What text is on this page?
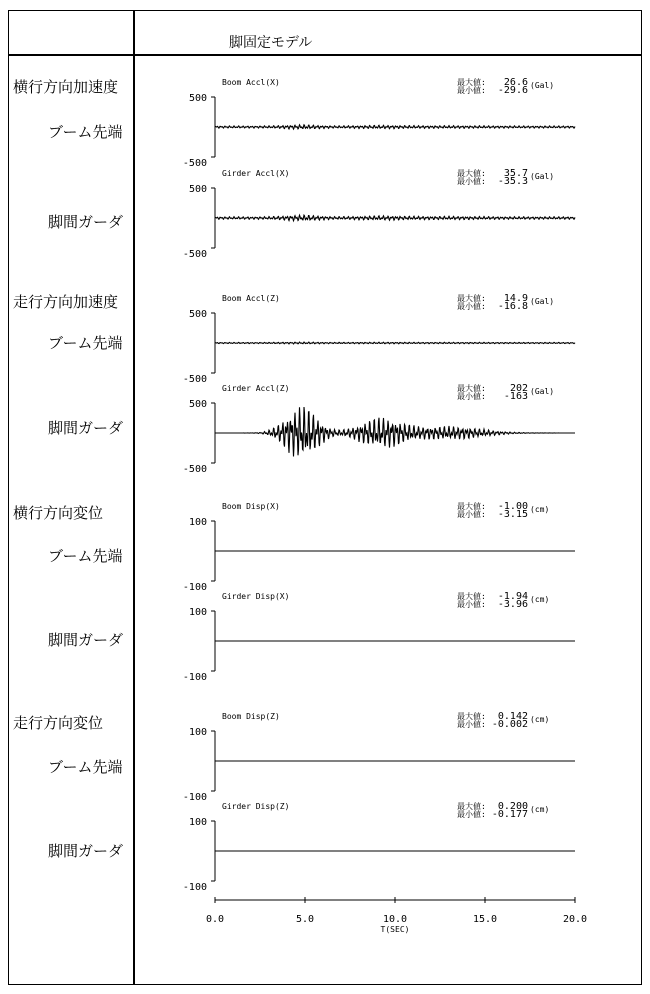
脚固定モデル
横行方向加速度
ブーム先端
脚間ガーダ
走行方向加速度
ブーム先端
脚間ガーダ
横行方向変位
ブーム先端
脚間ガーダ
走行方向変位
ブーム先端
脚間ガーダ
500
-500
Boom Accl(X)	最大値:
最小値:
26.6
-29.6 (Gal)
500
-500
Girder Accl(X)	最大値:
最小値:
35.7
-35.3 (Gal)
500
-500
Boom Accl(Z)	最大値:
最小値:
14.9
-16.8 (Gal)
500
-500
Girder Accl(Z)	最大値:
最小値:
202
-163 (Gal)
100
-100
Boom Disp(X)	最大値:
最小値:
-1.00
-3.15 (cm)
100
-100
Girder Disp(X)	最大値:
最小値:
-1.94
-3.96 (cm)
100
-100
Boom Disp(Z)	最大値:
最小値:
0.142
-0.002 (cm)
100
-100
Girder Disp(Z)	最大値:
最小値:
0.200
-0.177 (cm)
0.0	5.0	10.0	15.0	20.0
T(SEC)
